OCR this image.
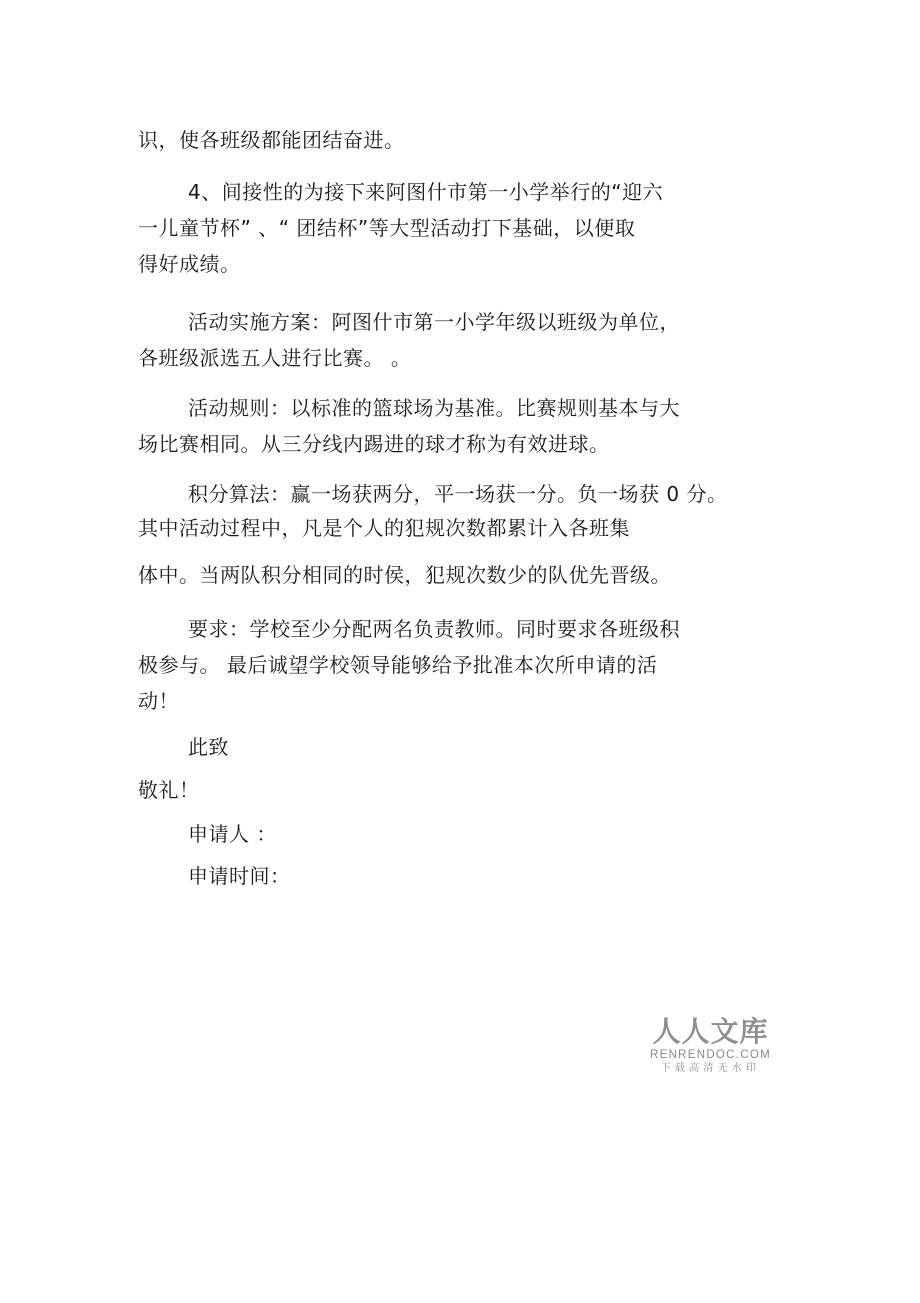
识，使各班级都能团结奋进。
4、间接性的为接下来阿图什市第一小学举行的“迎六
一儿童节杯” 、“ 团结杯”等大型活动打下基础，以便取
得好成绩。
活动实施方案：阿图什市第一小学年级以班级为单位，
各班级派选五人进行比赛。 。
活动规则：以标准的篮球场为基准。比赛规则基本与大
场比赛相同。从三分线内踢进的球才称为有效进球。
积分算法：赢一场获两分，平一场获一分。负一场获 0 分。
其中活动过程中，凡是个人的犯规次数都累计入各班集
体中。当两队积分相同的时侯，犯规次数少的队优先晋级。
要求：学校至少分配两名负责教师。同时要求各班级积
极参与。 最后诚望学校领导能够给予批准本次所申请的活
动！
此致
敬礼！
申请人 ：
申请时间：
人人文库
RENRENDOC.COM
下载高清无水印
